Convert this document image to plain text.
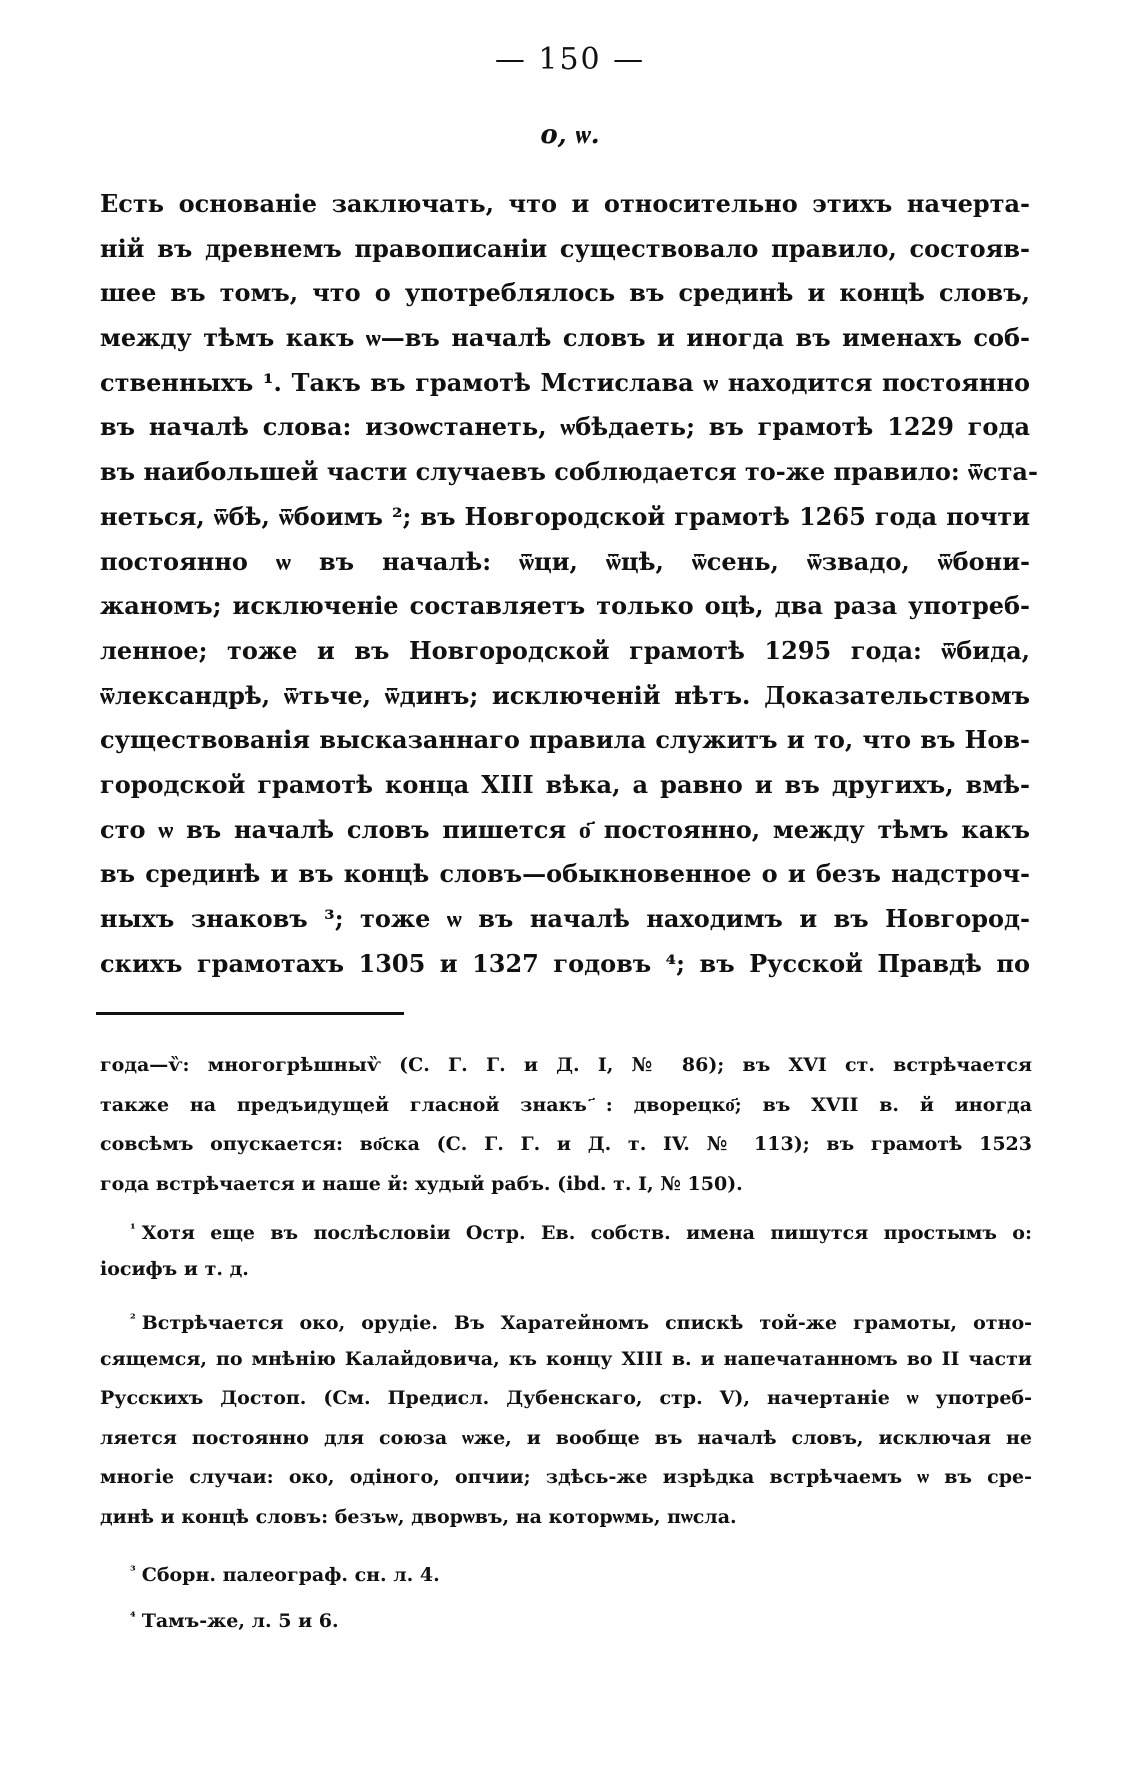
— 150 —
о, ѡ.
Есть основаніе заключать, что и относительно этихъ начерта-
ній въ древнемъ правописаніи существовало правило, состояв-
шее въ томъ, что о употреблялось въ срединѣ и концѣ словъ,
между тѣмъ какъ ѡ—въ началѣ словъ и иногда въ именахъ соб-
ственныхъ ¹. Такъ въ грамотѣ Мстислава ѡ находится постоянно
въ началѣ слова: изоѡстанеть, ѡбѣдаеть; въ грамотѣ 1229 года
въ наибольшей части случаевъ соблюдается то-же правило: ѿста-
неться, ѿбѣ, ѿбоимъ ²; въ Новгородской грамотѣ 1265 года почти
постоянно ѡ въ началѣ: ѿци, ѿцѣ, ѿсень, ѿзвадо, ѿбони-
жаномъ; исключеніе составляетъ только оцѣ, два раза употреб-
ленное; тоже и въ Новгородской грамотѣ 1295 года: ѿбида,
ѿлександрѣ, ѿтьче, ѿдинъ; исключеній нѣтъ. Доказательствомъ
существованія высказаннаго правила служитъ и то, что въ Нов-
городской грамотѣ конца XIII вѣка, а равно и въ другихъ, вмѣ-
сто ѡ въ началѣ словъ пишется о҃ постоянно, между тѣмъ какъ
въ срединѣ и въ концѣ словъ—обыкновенное о и безъ надстроч-
ныхъ знаковъ ³; тоже ѡ въ началѣ находимъ и въ Новгород-
скихъ грамотахъ 1305 и 1327 годовъ ⁴; въ Русской Правдѣ по
года—ѷ: многогрѣшныѷ (С. Г. Г. и Д. I, № 86); въ XVI ст. встрѣчается
также на предъидущей гласной знакъ ҃: дворецко҃; въ XVII в. й иногда
совсѣмъ опускается: во҃ска (С. Г. Г. и Д. т. IV. № 113); въ грамотѣ 1523
года встрѣчается и наше й: худый рабъ. (ibd. т. I, № 150).
$^{^1}$ Хотя еще въ послѣсловіи Остр. Ев. собств. имена пишутся простымъ о:
іосифъ и т. д.
$^{^2}$ Встрѣчается око, орудіе. Въ Харатейномъ спискѣ той-же грамоты, отно-
сящемся, по мнѣнію Калайдовича, къ концу XIII в. и напечатанномъ во II части
Русскихъ Достоп. (См. Предисл. Дубенскаго, стр. V), начертаніе ѡ употреб-
ляется постоянно для союза ѡже, и вообще въ началѣ словъ, исключая не
многіе случаи: око, одіного, опчии; здѣсь-же изрѣдка встрѣчаемъ ѡ въ сре-
динѣ и концѣ словъ: безъѡ, дворѡвъ, на которѡмь, пѡсла.
$^{^3}$ Сборн. палеограф. сн. л. 4.
$^{^4}$ Тамъ-же, л. 5 и 6.
